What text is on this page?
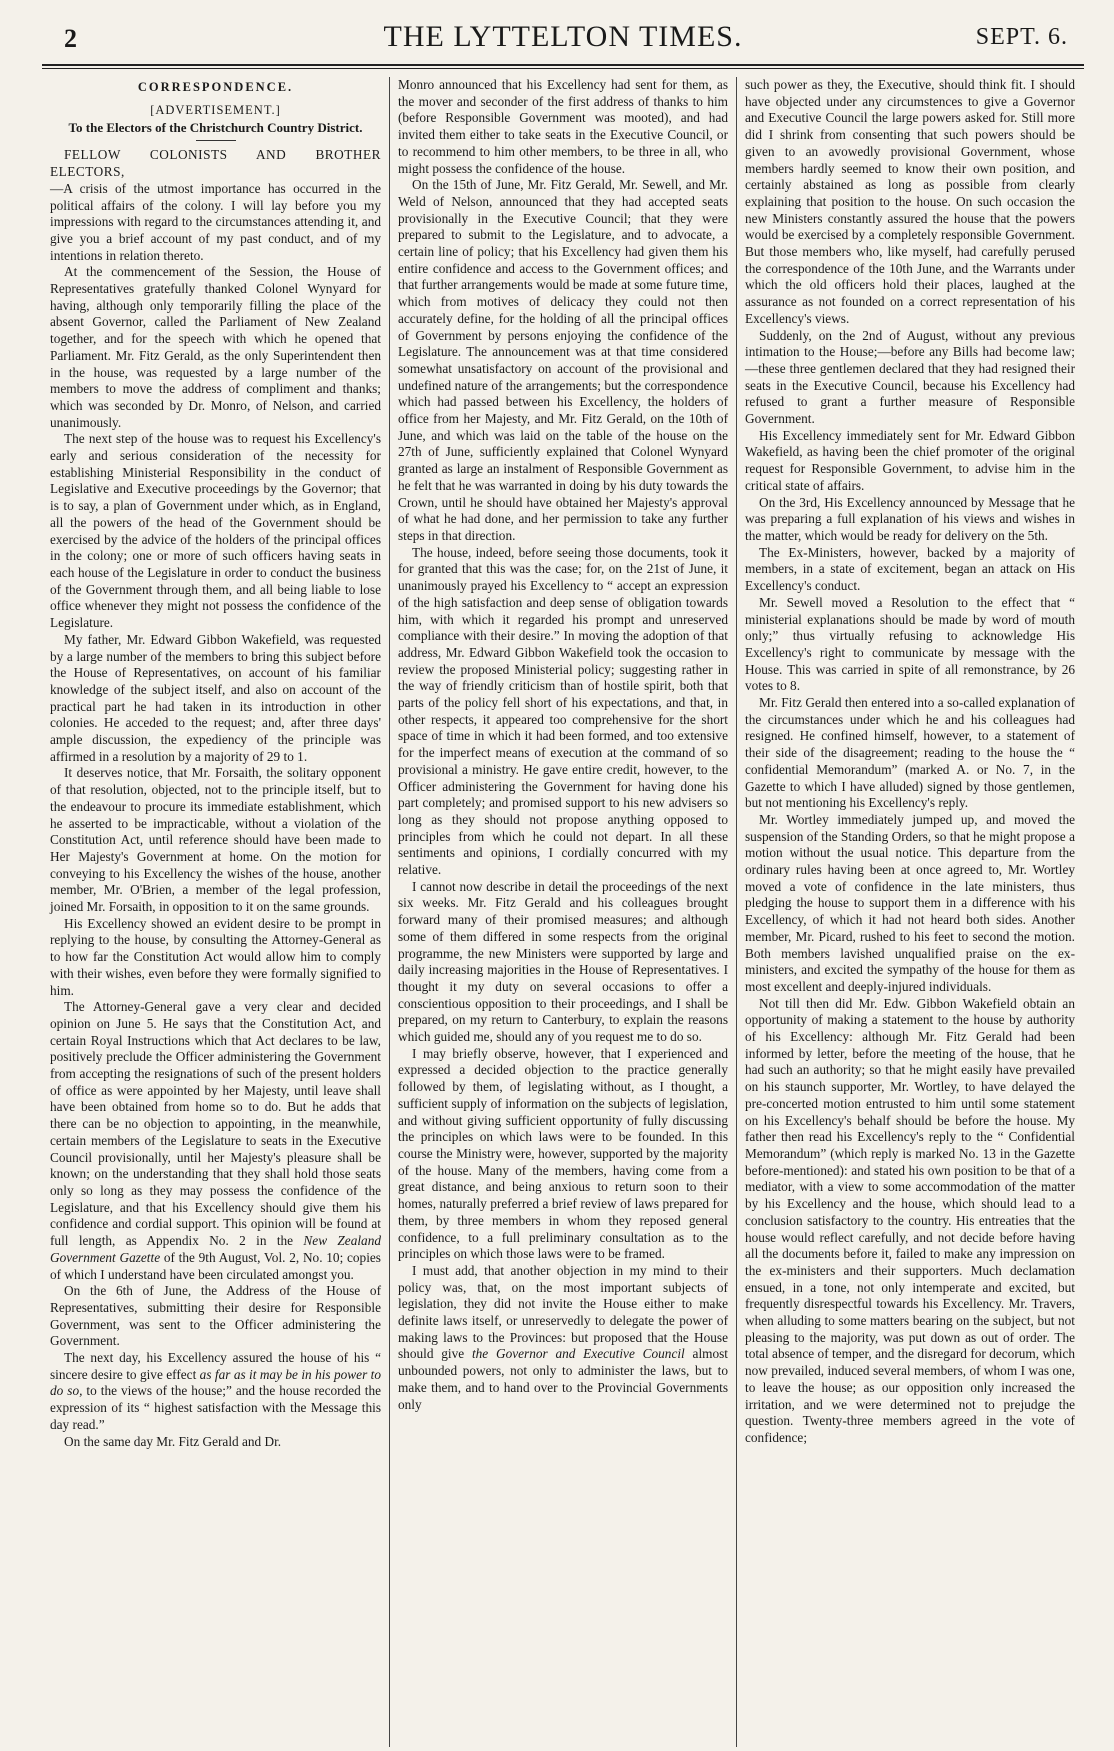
2	THE LYTTELTON TIMES.	SEPT. 6.
CORRESPONDENCE.
[ADVERTISEMENT.]
To the Electors of the Christchurch Country District.

FELLOW COLONISTS AND BROTHER ELECTORS,

—A crisis of the utmost importance has occurred in the political affairs of the colony. I will lay before you my impressions with regard to the circumstances attending it, and give you a brief account of my past conduct, and of my intentions in relation thereto.

At the commencement of the Session, the House of Representatives gratefully thanked Colonel Wynyard for having, although only temporarily filling the place of the absent Governor, called the Parliament of New Zealand together, and for the speech with which he opened that Parliament. Mr. Fitz Gerald, as the only Superintendent then in the house, was requested by a large number of the members to move the address of compliment and thanks; which was seconded by Dr. Monro, of Nelson, and carried unanimously.

The next step of the house was to request his Excellency's early and serious consideration of the necessity for establishing Ministerial Responsibility in the conduct of Legislative and Executive proceedings by the Governor; that is to say, a plan of Government under which, as in England, all the powers of the head of the Government should be exercised by the advice of the holders of the principal offices in the colony; one or more of such officers having seats in each house of the Legislature in order to conduct the business of the Government through them, and all being liable to lose office whenever they might not possess the confidence of the Legislature.

My father, Mr. Edward Gibbon Wakefield, was requested by a large number of the members to bring this subject before the House of Representatives, on account of his familiar knowledge of the subject itself, and also on account of the practical part he had taken in its introduction in other colonies. He acceded to the request; and, after three days' ample discussion, the expediency of the principle was affirmed in a resolution by a majority of 29 to 1.

It deserves notice, that Mr. Forsaith, the solitary opponent of that resolution, objected, not to the principle itself, but to the endeavour to procure its immediate establishment, which he asserted to be impracticable, without a violation of the Constitution Act, until reference should have been made to Her Majesty's Government at home. On the motion for conveying to his Excellency the wishes of the house, another member, Mr. O'Brien, a member of the legal profession, joined Mr. Forsaith, in opposition to it on the same grounds.

His Excellency showed an evident desire to be prompt in replying to the house, by consulting the Attorney-General as to how far the Constitution Act would allow him to comply with their wishes, even before they were formally signified to him.

The Attorney-General gave a very clear and decided opinion on June 5. He says that the Constitution Act, and certain Royal Instructions which that Act declares to be law, positively preclude the Officer administering the Government from accepting the resignations of such of the present holders of office as were appointed by her Majesty, until leave shall have been obtained from home so to do. But he adds that there can be no objection to appointing, in the meanwhile, certain members of the Legislature to seats in the Executive Council provisionally, until her Majesty's pleasure shall be known; on the understanding that they shall hold those seats only so long as they may possess the confidence of the Legislature, and that his Excellency should give them his confidence and cordial support. This opinion will be found at full length, as Appendix No. 2 in the New Zealand Government Gazette of the 9th August, Vol. 2, No. 10; copies of which I understand have been circulated amongst you.

On the 6th of June, the Address of the House of Representatives, submitting their desire for Responsible Government, was sent to the Officer administering the Government.

The next day, his Excellency assured the house of his “ sincere desire to give effect as far as it may be in his power to do so, to the views of the house;” and the house recorded the expression of its “ highest satisfaction with the Message this day read.”

On the same day Mr. Fitz Gerald and Dr.

Monro announced that his Excellency had sent for them, as the mover and seconder of the first address of thanks to him (before Responsible Government was mooted), and had invited them either to take seats in the Executive Council, or to recommend to him other members, to be three in all, who might possess the confidence of the house.

On the 15th of June, Mr. Fitz Gerald, Mr. Sewell, and Mr. Weld of Nelson, announced that they had accepted seats provisionally in the Executive Council; that they were prepared to submit to the Legislature, and to advocate, a certain line of policy; that his Excellency had given them his entire confidence and access to the Government offices; and that further arrangements would be made at some future time, which from motives of delicacy they could not then accurately define, for the holding of all the principal offices of Government by persons enjoying the confidence of the Legislature. The announcement was at that time considered somewhat unsatisfactory on account of the provisional and undefined nature of the arrangements; but the correspondence which had passed between his Excellency, the holders of office from her Majesty, and Mr. Fitz Gerald, on the 10th of June, and which was laid on the table of the house on the 27th of June, sufficiently explained that Colonel Wynyard granted as large an instalment of Responsible Government as he felt that he was warranted in doing by his duty towards the Crown, until he should have obtained her Majesty's approval of what he had done, and her permission to take any further steps in that direction.

The house, indeed, before seeing those documents, took it for granted that this was the case; for, on the 21st of June, it unanimously prayed his Excellency to “ accept an expression of the high satisfaction and deep sense of obligation towards him, with which it regarded his prompt and unreserved compliance with their desire.” In moving the adoption of that address, Mr. Edward Gibbon Wakefield took the occasion to review the proposed Ministerial policy; suggesting rather in the way of friendly criticism than of hostile spirit, both that parts of the policy fell short of his expectations, and that, in other respects, it appeared too comprehensive for the short space of time in which it had been formed, and too extensive for the imperfect means of execution at the command of so provisional a ministry. He gave entire credit, however, to the Officer administering the Government for having done his part completely; and promised support to his new advisers so long as they should not propose anything opposed to principles from which he could not depart. In all these sentiments and opinions, I cordially concurred with my relative.

I cannot now describe in detail the proceedings of the next six weeks. Mr. Fitz Gerald and his colleagues brought forward many of their promised measures; and although some of them differed in some respects from the original programme, the new Ministers were supported by large and daily increasing majorities in the House of Representatives. I thought it my duty on several occasions to offer a conscientious opposition to their proceedings, and I shall be prepared, on my return to Canterbury, to explain the reasons which guided me, should any of you request me to do so.

I may briefly observe, however, that I experienced and expressed a decided objection to the practice generally followed by them, of legislating without, as I thought, a sufficient supply of information on the subjects of legislation, and without giving sufficient opportunity of fully discussing the principles on which laws were to be founded. In this course the Ministry were, however, supported by the majority of the house. Many of the members, having come from a great distance, and being anxious to return soon to their homes, naturally preferred a brief review of laws prepared for them, by three members in whom they reposed general confidence, to a full preliminary consultation as to the principles on which those laws were to be framed.

I must add, that another objection in my mind to their policy was, that, on the most important subjects of legislation, they did not invite the House either to make definite laws itself, or unreservedly to delegate the power of making laws to the Provinces: but proposed that the House should give the Governor and Executive Council almost unbounded powers, not only to administer the laws, but to make them, and to hand over to the Provincial Governments only

such power as they, the Executive, should think fit. I should have objected under any circumstences to give a Governor and Executive Council the large powers asked for. Still more did I shrink from consenting that such powers should be given to an avowedly provisional Government, whose members hardly seemed to know their own position, and certainly abstained as long as possible from clearly explaining that position to the house. On such occasion the new Ministers constantly assured the house that the powers would be exercised by a completely responsible Government. But those members who, like myself, had carefully perused the correspondence of the 10th June, and the Warrants under which the old officers hold their places, laughed at the assurance as not founded on a correct representation of his Excellency's views.

Suddenly, on the 2nd of August, without any previous intimation to the House;—before any Bills had become law;—these three gentlemen declared that they had resigned their seats in the Executive Council, because his Excellency had refused to grant a further measure of Responsible Government.

His Excellency immediately sent for Mr. Edward Gibbon Wakefield, as having been the chief promoter of the original request for Responsible Government, to advise him in the critical state of affairs.

On the 3rd, His Excellency announced by Message that he was preparing a full explanation of his views and wishes in the matter, which would be ready for delivery on the 5th.

The Ex-Ministers, however, backed by a majority of members, in a state of excitement, began an attack on His Excellency's conduct.

Mr. Sewell moved a Resolution to the effect that “ ministerial explanations should be made by word of mouth only;” thus virtually refusing to acknowledge His Excellency's right to communicate by message with the House. This was carried in spite of all remonstrance, by 26 votes to 8.

Mr. Fitz Gerald then entered into a so-called explanation of the circumstances under which he and his colleagues had resigned. He confined himself, however, to a statement of their side of the disagreement; reading to the house the “ confidential Memorandum” (marked A. or No. 7, in the Gazette to which I have alluded) signed by those gentlemen, but not mentioning his Excellency's reply.

Mr. Wortley immediately jumped up, and moved the suspension of the Standing Orders, so that he might propose a motion without the usual notice. This departure from the ordinary rules having been at once agreed to, Mr. Wortley moved a vote of confidence in the late ministers, thus pledging the house to support them in a difference with his Excellency, of which it had not heard both sides. Another member, Mr. Picard, rushed to his feet to second the motion. Both members lavished unqualified praise on the ex-ministers, and excited the sympathy of the house for them as most excellent and deeply-injured individuals.

Not till then did Mr. Edw. Gibbon Wakefield obtain an opportunity of making a statement to the house by authority of his Excellency: although Mr. Fitz Gerald had been informed by letter, before the meeting of the house, that he had such an authority; so that he might easily have prevailed on his staunch supporter, Mr. Wortley, to have delayed the pre-concerted motion entrusted to him until some statement on his Excellency's behalf should be before the house. My father then read his Excellency's reply to the “ Confidential Memorandum” (which reply is marked No. 13 in the Gazette before-mentioned): and stated his own position to be that of a mediator, with a view to some accommodation of the matter by his Excellency and the house, which should lead to a conclusion satisfactory to the country. His entreaties that the house would reflect carefully, and not decide before having all the documents before it, failed to make any impression on the ex-ministers and their supporters. Much declamation ensued, in a tone, not only intemperate and excited, but frequently disrespectful towards his Excellency. Mr. Travers, when alluding to some matters bearing on the subject, but not pleasing to the majority, was put down as out of order. The total absence of temper, and the disregard for decorum, which now prevailed, induced several members, of whom I was one, to leave the house; as our opposition only increased the irritation, and we were determined not to prejudge the question. Twenty-three members agreed in the vote of confidence;
